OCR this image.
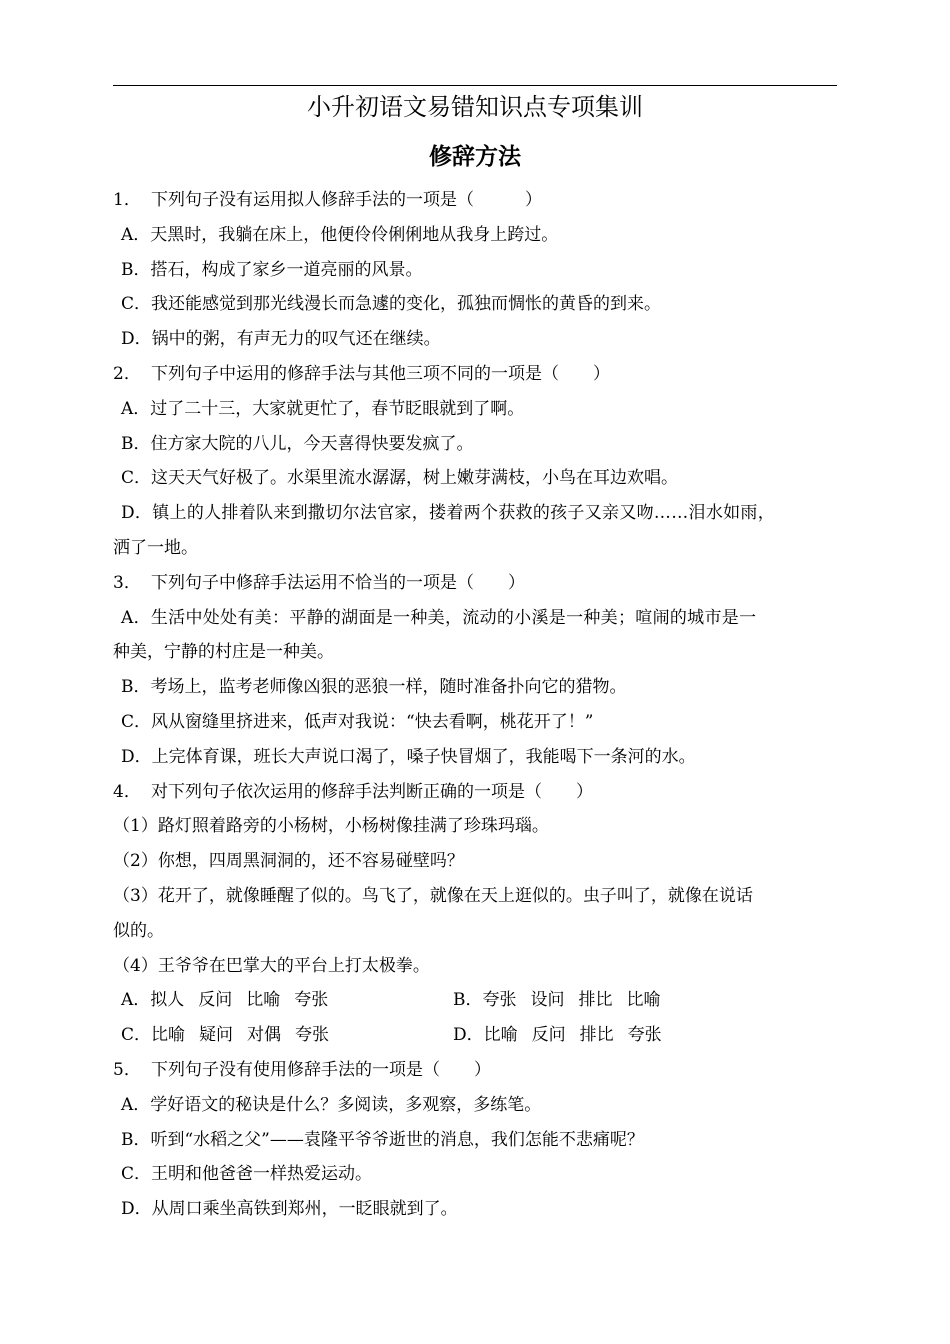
小升初语文易错知识点专项集训
修辞方法
1． 下列句子没有运用拟人修辞手法的一项是（　　　）
A．天黑时，我躺在床上，他便伶伶俐俐地从我身上跨过。
B．搭石，构成了家乡一道亮丽的风景。
C．我还能感觉到那光线漫长而急遽的变化，孤独而惆怅的黄昏的到来。
D．锅中的粥，有声无力的叹气还在继续。
2． 下列句子中运用的修辞手法与其他三项不同的一项是（　　）
A．过了二十三，大家就更忙了，春节眨眼就到了啊。
B．住方家大院的八儿，今天喜得快要发疯了。
C．这天天气好极了。水渠里流水潺潺，树上嫩芽满枝，小鸟在耳边欢唱。
D．镇上的人排着队来到撒切尔法官家，搂着两个获救的孩子又亲又吻……泪水如雨，
洒了一地。
3． 下列句子中修辞手法运用不恰当的一项是（　　）
A．生活中处处有美：平静的湖面是一种美，流动的小溪是一种美；喧闹的城市是一
种美，宁静的村庄是一种美。
B．考场上，监考老师像凶狠的恶狼一样，随时准备扑向它的猎物。
C．风从窗缝里挤进来，低声对我说：“快去看啊，桃花开了！”
D．上完体育课，班长大声说口渴了，嗓子快冒烟了，我能喝下一条河的水。
4． 对下列句子依次运用的修辞手法判断正确的一项是（　　）
（1）路灯照着路旁的小杨树，小杨树像挂满了珍珠玛瑙。
（2）你想，四周黑洞洞的，还不容易碰壁吗？
（3）花开了，就像睡醒了似的。鸟飞了，就像在天上逛似的。虫子叫了，就像在说话
似的。
（4）王爷爷在巴掌大的平台上打太极拳。
A．拟人 反问 比喻 夸张	B．夸张 设问 排比 比喻
C．比喻 疑问 对偶 夸张	D．比喻 反问 排比 夸张
5． 下列句子没有使用修辞手法的一项是（　　）
A．学好语文的秘诀是什么？多阅读，多观察，多练笔。
B．听到“水稻之父”——袁隆平爷爷逝世的消息，我们怎能不悲痛呢？
C．王明和他爸爸一样热爱运动。
D．从周口乘坐高铁到郑州，一眨眼就到了。
